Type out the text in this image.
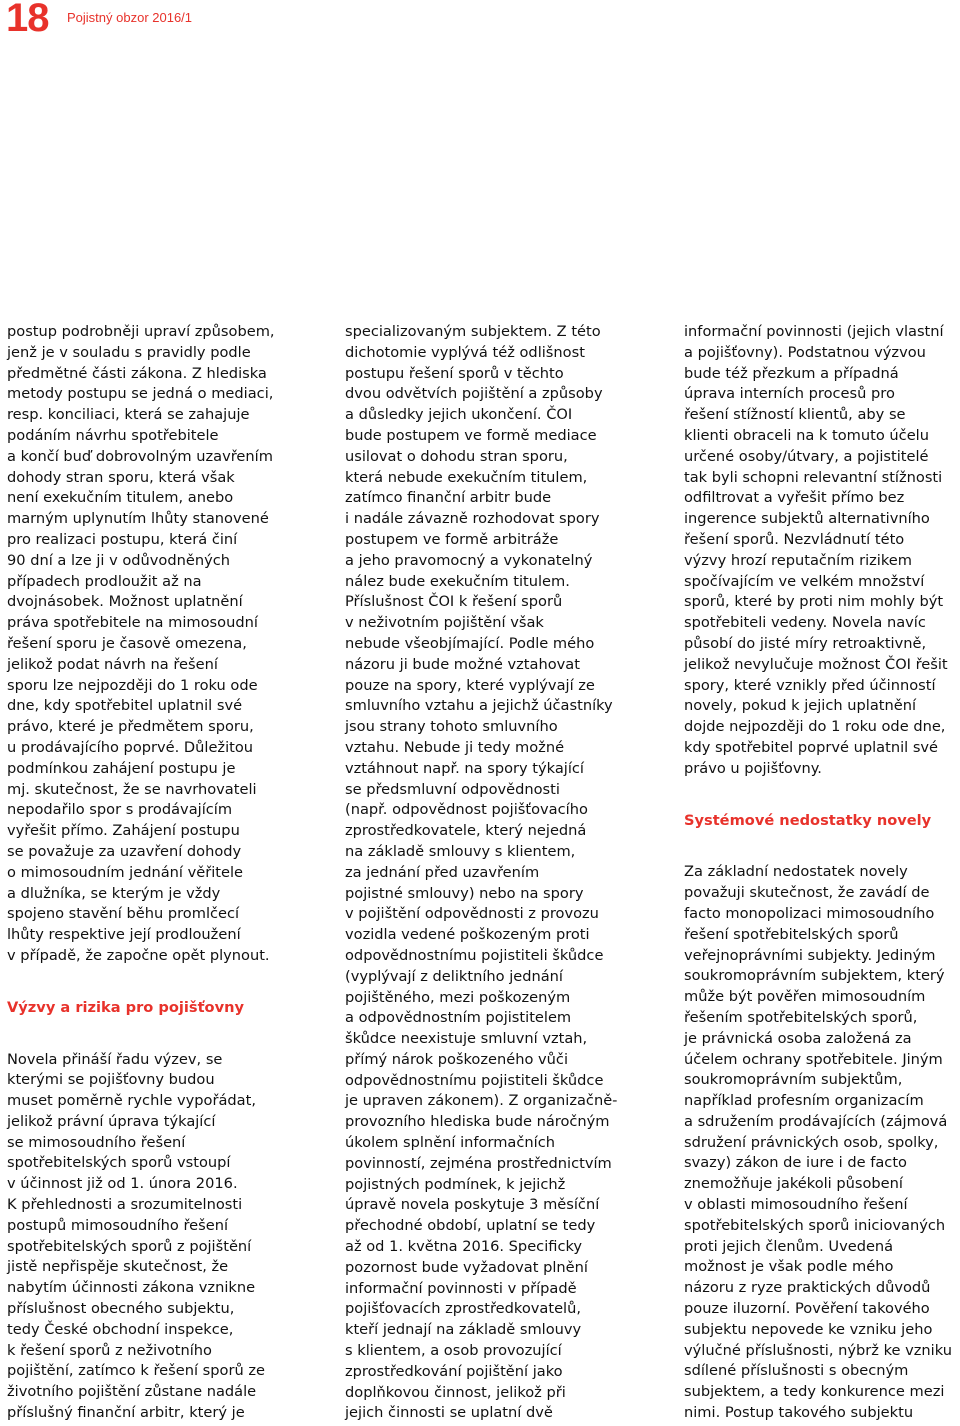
18 Pojistný obzor 2016/1

postup podrobněji upraví způsobem,

jenž je v souladu s pravidly podle

předmětné části zákona. Z hlediska

metody postupu se jedná o mediaci,

resp. konciliaci, která se zahajuje

podáním návrhu spotřebitele

a končí buď dobrovolným uzavřením

dohody stran sporu, která však

není exekučním titulem, anebo

marným uplynutím lhůty stanovené

pro realizaci postupu, která činí

90 dní a lze ji v odůvodněných

případech prodloužit až na

dvojnásobek. Možnost uplatnění

práva spotřebitele na mimosoudní

řešení sporu je časově omezena,

jelikož podat návrh na řešení

sporu lze nejpozději do 1 roku ode

dne, kdy spotřebitel uplatnil své

právo, které je předmětem sporu,

u prodávajícího poprvé. Důležitou

podmínkou zahájení postupu je

mj. skutečnost, že se navrhovateli

nepodařilo spor s prodávajícím

vyřešit přímo. Zahájení postupu

se považuje za uzavření dohody

o mimosoudním jednání věřitele

a dlužníka, se kterým je vždy

spojeno stavění běhu promlčecí

lhůty respektive její prodloužení

v případě, že započne opět plynout.

Výzvy a rizika pro pojišťovny

Novela přináší řadu výzev, se

kterými se pojišťovny budou

muset poměrně rychle vypořádat,

jelikož právní úprava týkající

se mimosoudního řešení

spotřebitelských sporů vstoupí

v účinnost již od 1. února 2016.

K přehlednosti a srozumitelnosti

postupů mimosoudního řešení

spotřebitelských sporů z pojištění

jistě nepřispěje skutečnost, že

nabytím účinnosti zákona vznikne

příslušnost obecného subjektu,

tedy České obchodní inspekce,

k řešení sporů z neživotního

pojištění, zatímco k řešení sporů ze

životního pojištění zůstane nadále

příslušný finanční arbitr, který je

specializovaným subjektem. Z této

dichotomie vyplývá též odlišnost

postupu řešení sporů v těchto

dvou odvětvích pojištění a způsoby

a důsledky jejich ukončení. ČOI

bude postupem ve formě mediace

usilovat o dohodu stran sporu,

která nebude exekučním titulem,

zatímco finanční arbitr bude

i nadále závazně rozhodovat spory

postupem ve formě arbitráže

a jeho pravomocný a vykonatelný

nález bude exekučním titulem.

Příslušnost ČOI k řešení sporů

v neživotním pojištění však

nebude všeobjímající. Podle mého

názoru ji bude možné vztahovat

pouze na spory, které vyplývají ze

smluvního vztahu a jejichž účastníky

jsou strany tohoto smluvního

vztahu. Nebude ji tedy možné

vztáhnout např. na spory týkající

se předsmluvní odpovědnosti

(např. odpovědnost pojišťovacího

zprostředkovatele, který nejedná

na základě smlouvy s klientem,

za jednání před uzavřením

pojistné smlouvy) nebo na spory

v pojištění odpovědnosti z provozu

vozidla vedené poškozeným proti

odpovědnostnímu pojistiteli škůdce

(vyplývají z deliktního jednání

pojištěného, mezi poškozeným

a odpovědnostním pojistitelem

škůdce neexistuje smluvní vztah,

přímý nárok poškozeného vůči

odpovědnostnímu pojistiteli škůdce

je upraven zákonem). Z organizačně-

provozního hlediska bude náročným

úkolem splnění informačních

povinností, zejména prostřednictvím

pojistných podmínek, k jejichž

úpravě novela poskytuje 3 měsíční

přechodné období, uplatní se tedy

až od 1. května 2016. Specificky

pozornost bude vyžadovat plnění

informační povinnosti v případě

pojišťovacích zprostředkovatelů,

kteří jednají na základě smlouvy

s klientem, a osob provozující

zprostředkování pojištění jako

doplňkovou činnost, jelikož při

jejich činnosti se uplatní dvě

informační povinnosti (jejich vlastní

a pojišťovny). Podstatnou výzvou

bude též přezkum a případná

úprava interních procesů pro

řešení stížností klientů, aby se

klienti obraceli na k tomuto účelu

určené osoby/útvary, a pojistitelé

tak byli schopni relevantní stížnosti

odfiltrovat a vyřešit přímo bez

ingerence subjektů alternativního

řešení sporů. Nezvládnutí této

výzvy hrozí reputačním rizikem

spočívajícím ve velkém množství

sporů, které by proti nim mohly být

spotřebiteli vedeny. Novela navíc

působí do jisté míry retroaktivně,

jelikož nevylučuje možnost ČOI řešit

spory, které vznikly před účinností

novely, pokud k jejich uplatnění

dojde nejpozději do 1 roku ode dne,

kdy spotřebitel poprvé uplatnil své

právo u pojišťovny.

Systémové nedostatky novely

Za základní nedostatek novely

považuji skutečnost, že zavádí de

facto monopolizaci mimosoudního

řešení spotřebitelských sporů

veřejnoprávními subjekty. Jediným

soukromoprávním subjektem, který

může být pověřen mimosoudním

řešením spotřebitelských sporů,

je právnická osoba založená za

účelem ochrany spotřebitele. Jiným

soukromoprávním subjektům,

například profesním organizacím

a sdružením prodávajících (zájmová

sdružení právnických osob, spolky,

svazy) zákon de iure i de facto

znemožňuje jakékoli působení

v oblasti mimosoudního řešení

spotřebitelských sporů iniciovaných

proti jejich členům. Uvedená

možnost je však podle mého

názoru z ryze praktických důvodů

pouze iluzorní. Pověření takového

subjektu nepovede ke vzniku jeho

výlučné příslušnosti, nýbrž ke vzniku

sdílené příslušnosti s obecným

subjektem, a tedy konkurence mezi

nimi. Postup takového subjektu
